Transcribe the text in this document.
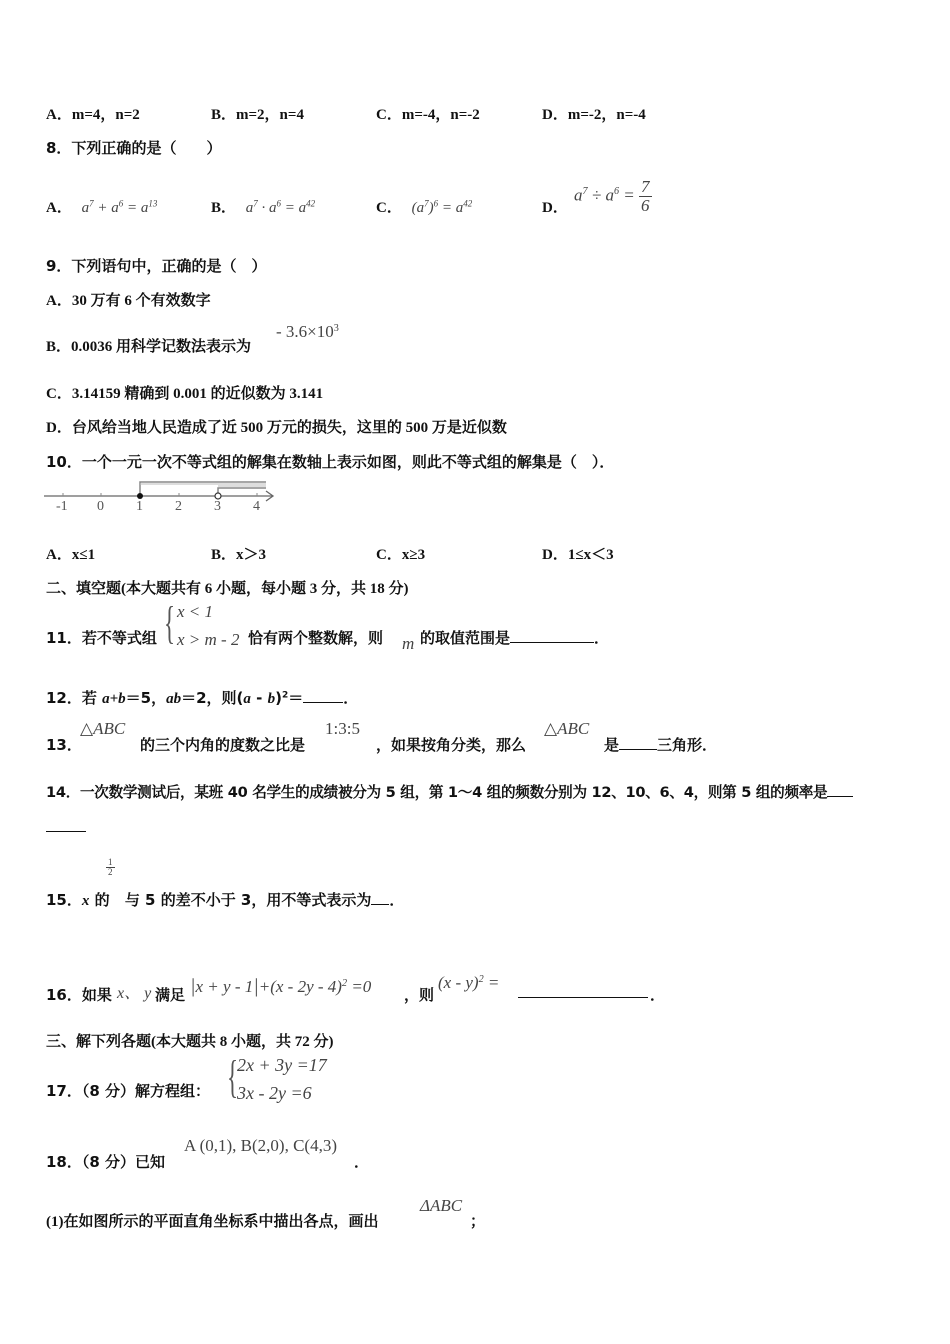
A．m=4，n=2	B．m=2，n=4	C．m=-4，n=-2	D．m=-2，n=-4
8．下列正确的是（　　）
A． $a^7 + a^6 = a^{13}$	B． $a^7 \cdot a^6 = a^{42}$	C． $(a^7)^6 = a^{42}$	D．
$a^7 \div a^6 = \frac{7}{6}$
9．下列语句中，正确的是（　）
A．30 万有 6 个有效数字
B．0.0036 用科学记数法表示为
- $3.6\times 10^3$
C．3.14159 精确到 0.001 的近似数为 3.141
D．台风给当地人民造成了近 500 万元的损失，这里的 500 万是近似数
10．一个一元一次不等式组的解集在数轴上表示如图，则此不等式组的解集是（　）．
-1 0 1 2 3 4
A．x≤1	B．x＞3	C．x≥3	D．1≤x＜3
二、填空题(本大题共有 6 小题，每小题 3 分，共 18 分)
11．若不等式组 { x < 1
x > m - 2 恰有两个整数解，则 m 的取值范围是	．
12．若 a+b＝5，ab＝2，则(a - b)$^2$＝	．
13．
△ABC
的三个内角的度数之比是
1:3:5
，如果按角分类，那么
△ABC
是	三角形．
14．一次数学测试后，某班 40 名学生的成绩被分为 5 组，第 1～4 组的频数分别为 12、10、6、4，则第 5 组的频率是
$\frac{1}{2}$
15．x 的 与 5 的差不小于 3，用不等式表示为 ．
16．如果 x、 y 满足 |x + y - 1|+(x - 2y - 4)$^2$ =0 ，则
(x - y)$^2$ =
．
三、解下列各题(本大题共 8 小题，共 72 分)
17．（8 分）解方程组： {
2x + 3y =17
3x - 2y =6
18．（8 分）已知
A (0,1), B(2,0), C(4,3)
．
(1)在如图所示的平面直角坐标系中描出各点，画出
ΔABC
；
